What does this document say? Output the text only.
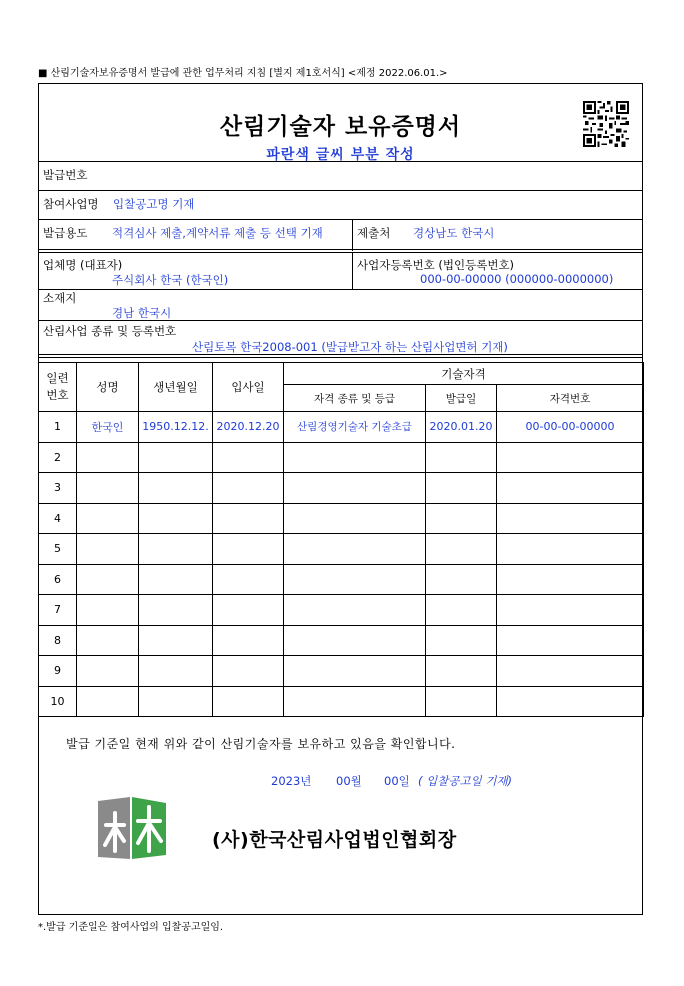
■ 산림기술자보유증명서 발급에 관한 업무처리 지침 [별지 제1호서식] <제정 2022.06.01.>
산림기술자 보유증명서
파란색 글씨 부분 작성
발급번호
참여사업명 입찰공고명 기재
발급용도 적격심사 제출,계약서류 제출 등 선택 기재	제출처 경상남도 한국시
업체명 (대표자)
주식회사 한국 (한국인)
사업자등록번호 (법인등록번호)
000-00-00000 (000000-0000000)
소재지
경남 한국시
산림사업 종류 및 등록번호
산림토목 한국2008-001 (발급받고자 하는 산림사업면허 기재)
일련
번호	성명	생년월일	입사일	기술자격		
				자격 종류 및 등급	발급일	자격번호
1	한국인	1950.12.12.	2020.12.20	산림경영기술자 기술초급	2020.01.20	00-00-00-00000
2						
3						
4						
5						
6						
7						
8						
9						
10						
발급 기준일 현재 위와 같이 산림기술자를 보유하고 있음을 확인합니다.
2023년 00월 00일 ( 입찰공고일 기재)
(사)한국산림사업법인협회장
*.발급 기준일은 참여사업의 입찰공고일임.
